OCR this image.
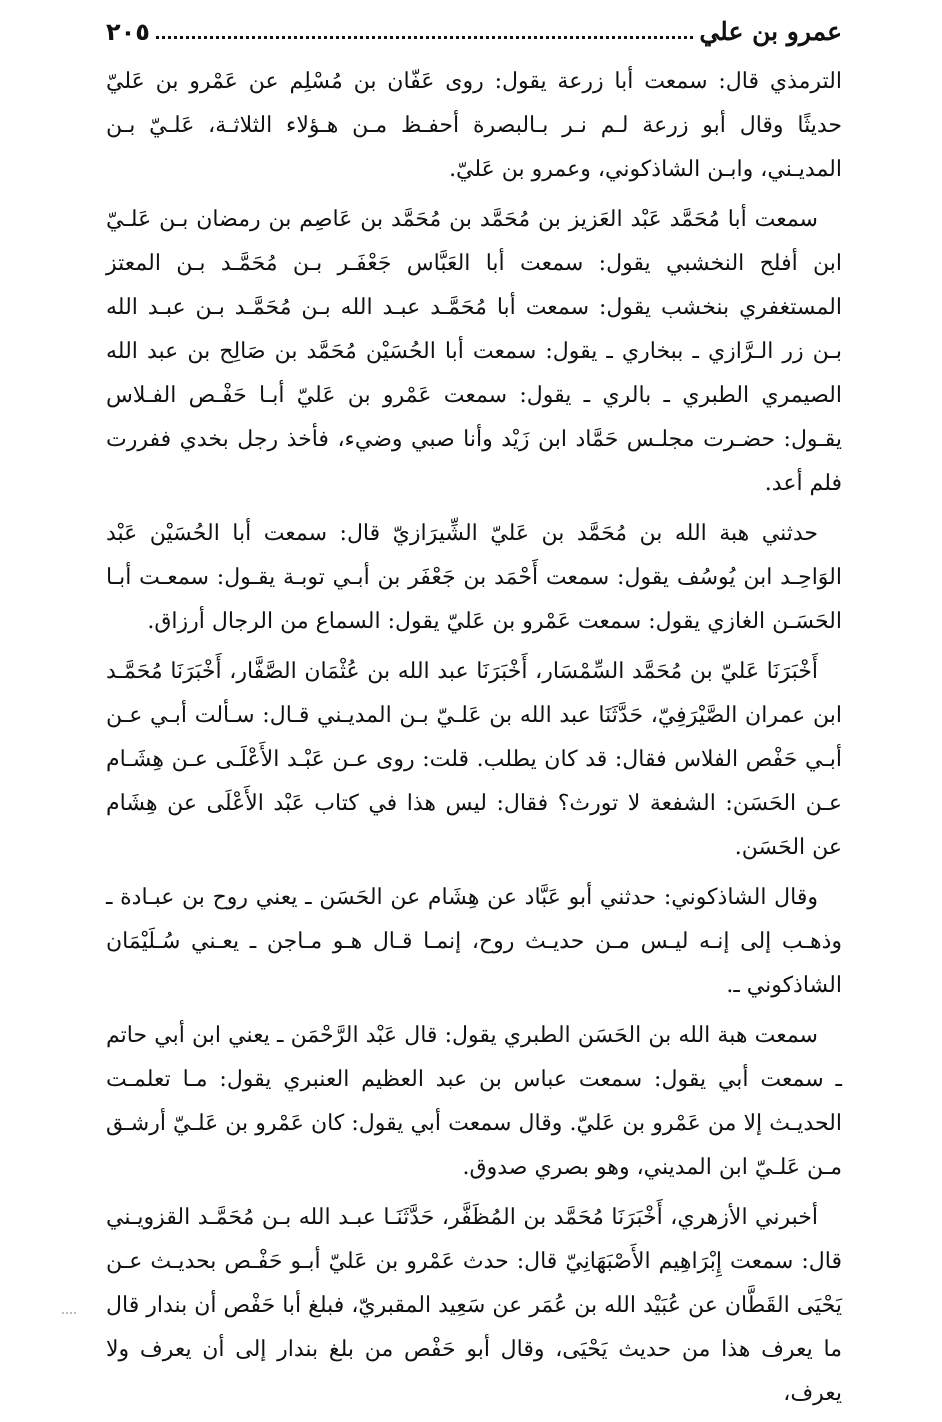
عمرو بن علي
٢٠٥

الترمذي قال: سمعت أبا زرعة يقول: روى عَفّان بن مُسْلِم عن عَمْرو بن عَليّ حديثًا وقال أبو زرعة لـم نـر بـالبصرة أحفـظ مـن هـؤلاء الثلاثـة، عَلـيّ بـن المديـني، وابـن الشاذكوني، وعمرو بن عَليّ.

سمعت أبا مُحَمَّد عَبْد العَزيز بن مُحَمَّد بن مُحَمَّد بن عَاصِم بن رمضان بـن عَلـيّ ابن أفلح النخشبي يقول: سمعت أبا العَبَّاس جَعْفَـر بـن مُحَمَّـد بـن المعتز المستغفري بنخشب يقول: سمعت أبا مُحَمَّـد عبـد الله بـن مُحَمَّـد بـن عبـد الله بـن زر الـرَّازي ـ ببخاري ـ يقول: سمعت أبا الحُسَيْن مُحَمَّد بن صَالِح بن عبد الله الصيمري الطبري ـ بالري ـ يقول: سمعت عَمْرو بن عَليّ أبـا حَفْـص الفـلاس يقـول: حضـرت مجلـس حَمَّاد ابن زَيْد وأنا صبي وضيء، فأخذ رجل بخدي ففررت فلم أعد.

حدثني هبة الله بن مُحَمَّد بن عَليّ الشِّيرَازيّ قال: سمعت أبا الحُسَيْن عَبْد الوَاحِـد ابن يُوسُف يقول: سمعت أَحْمَد بن جَعْفَر بن أبـي توبـة يقـول: سمعـت أبـا الحَسَـن الغازي يقول: سمعت عَمْرو بن عَليّ يقول: السماع من الرجال أرزاق.

أَخْبَرَنَا عَليّ بن مُحَمَّد السِّمْسَار، أَخْبَرَنَا عبد الله بن عُثْمَان الصَّفَّار، أَخْبَرَنَا مُحَمَّـد ابن عمران الصَّيْرَفِيّ، حَدَّثَنَا عبد الله بن عَلـيّ بـن المديـني قـال: سـألت أبـي عـن أبـي حَفْص الفلاس فقال: قد كان يطلب. قلت: روى عـن عَبْـد الأَعْلَـى عـن هِشَـام عـن الحَسَن: الشفعة لا تورث؟ فقال: ليس هذا في كتاب عَبْد الأَعْلَى عن هِشَام عن الحَسَن.

وقال الشاذكوني: حدثني أبو عَبَّاد عن هِشَام عن الحَسَن ـ يعني روح بن عبـادة ـ وذهـب إلى إنـه ليـس مـن حديـث روح، إنمـا قـال هـو مـاجن ـ يعـني سُـلَيْمَان الشاذكوني ـ.

سمعت هبة الله بن الحَسَن الطبري يقول: قال عَبْد الرَّحْمَن ـ يعني ابن أبي حاتم ـ سمعت أبي يقول: سمعت عباس بن عبد العظيم العنبري يقول: مـا تعلمـت الحديـث إلا من عَمْرو بن عَليّ. وقال سمعت أبي يقول: كان عَمْرو بن عَلـيّ أرشـق مـن عَلـيّ ابن المديني، وهو بصري صدوق.

أخبرني الأزهري، أَخْبَرَنَا مُحَمَّد بن المُظَفَّر، حَدَّثَنَـا عبـد الله بـن مُحَمَّـد القزويـني قال: سمعت إِبْرَاهِيم الأَصْبَهَانِيّ قال: حدث عَمْرو بن عَليّ أبـو حَفْـص بحديـث عـن يَحْيَى القَطَّان عن عُبَيْد الله بن عُمَر عن سَعِيد المقبريّ، فبلغ أبا حَفْص أن بندار قال ما يعرف هذا من حديث يَحْيَى، وقال أبو حَفْص من بلغ بندار إلى أن يعرف ولا يعرف،
